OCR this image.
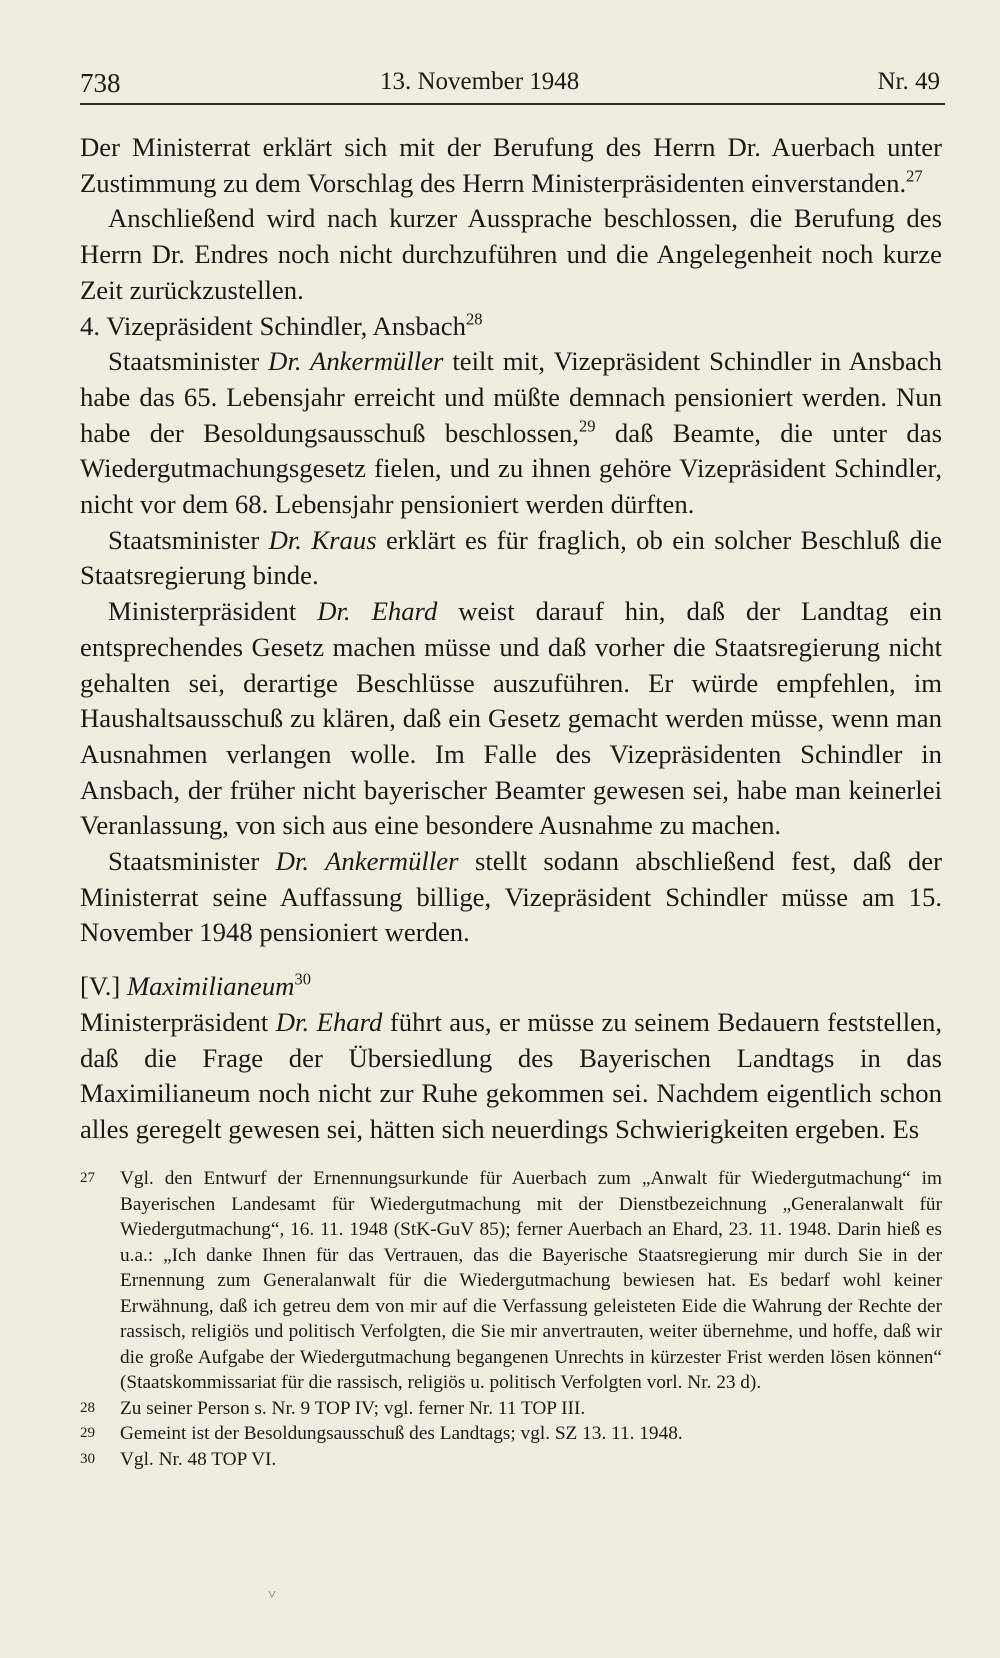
738	13. November 1948	Nr. 49

Der Ministerrat erklärt sich mit der Berufung des Herrn Dr. Auerbach unter Zustimmung zu dem Vorschlag des Herrn Ministerpräsidenten einverstanden.$^{27}$

Anschließend wird nach kurzer Aussprache beschlossen, die Berufung des Herrn Dr. Endres noch nicht durchzuführen und die Angelegenheit noch kurze Zeit zurückzustellen.

4. Vizepräsident Schindler, Ansbach$^{28}$

Staatsminister Dr. Ankermüller teilt mit, Vizepräsident Schindler in Ansbach habe das 65. Lebensjahr erreicht und müßte demnach pensioniert werden. Nun habe der Besoldungsausschuß beschlossen,$^{29}$ daß Beamte, die unter das Wiedergutmachungsgesetz fielen, und zu ihnen gehöre Vizepräsident Schindler, nicht vor dem 68. Lebensjahr pensioniert werden dürften.

Staatsminister Dr. Kraus erklärt es für fraglich, ob ein solcher Beschluß die Staatsregierung binde.

Ministerpräsident Dr. Ehard weist darauf hin, daß der Landtag ein entsprechendes Gesetz machen müsse und daß vorher die Staatsregierung nicht gehalten sei, derartige Beschlüsse auszuführen. Er würde empfehlen, im Haushaltsausschuß zu klären, daß ein Gesetz gemacht werden müsse, wenn man Ausnahmen verlangen wolle. Im Falle des Vizepräsidenten Schindler in Ansbach, der früher nicht bayerischer Beamter gewesen sei, habe man keinerlei Veranlassung, von sich aus eine besondere Ausnahme zu machen.

Staatsminister Dr. Ankermüller stellt sodann abschließend fest, daß der Ministerrat seine Auffassung billige, Vizepräsident Schindler müsse am 15. November 1948 pensioniert werden.

[V.] Maximilianeum$^{30}$

Ministerpräsident Dr. Ehard führt aus, er müsse zu seinem Bedauern feststellen, daß die Frage der Übersiedlung des Bayerischen Landtags in das Maximilianeum noch nicht zur Ruhe gekommen sei. Nachdem eigentlich schon alles geregelt gewesen sei, hätten sich neuerdings Schwierigkeiten ergeben. Es

27 Vgl. den Entwurf der Ernennungsurkunde für Auerbach zum „Anwalt für Wiedergutmachung“ im Bayerischen Landesamt für Wiedergutmachung mit der Dienstbezeichnung „Generalanwalt für Wiedergutmachung“, 16. 11. 1948 (StK-GuV 85); ferner Auerbach an Ehard, 23. 11. 1948. Darin hieß es u.a.: „Ich danke Ihnen für das Vertrauen, das die Bayerische Staatsregierung mir durch Sie in der Ernennung zum Generalanwalt für die Wiedergutmachung bewiesen hat. Es bedarf wohl keiner Erwähnung, daß ich getreu dem von mir auf die Verfassung geleisteten Eide die Wahrung der Rechte der rassisch, religiös und politisch Verfolgten, die Sie mir anvertrauten, weiter übernehme, und hoffe, daß wir die große Aufgabe der Wiedergutmachung begangenen Unrechts in kürzester Frist werden lösen können“ (Staatskommissariat für die rassisch, religiös u. politisch Verfolgten vorl. Nr. 23 d).

28 Zu seiner Person s. Nr. 9 TOP IV; vgl. ferner Nr. 11 TOP III.

29 Gemeint ist der Besoldungsausschuß des Landtags; vgl. SZ 13. 11. 1948.

30 Vgl. Nr. 48 TOP VI.

˅
